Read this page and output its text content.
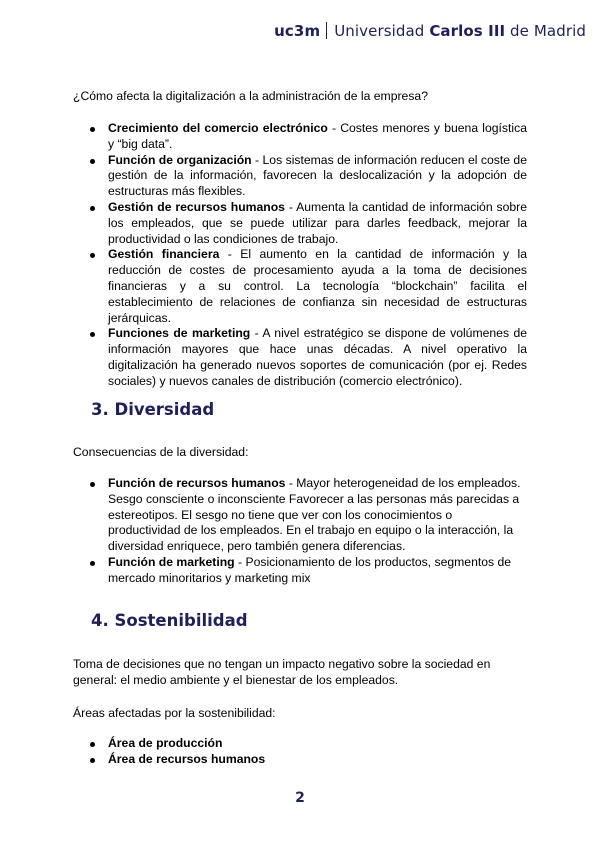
uc3m Universidad Carlos III de Madrid

¿Cómo afecta la digitalización a la administración de la empresa?

Crecimiento del comercio electrónico - Costes menores y buena logística y “big data”.
Función de organización - Los sistemas de información reducen el coste de gestión de la información, favorecen la deslocalización y la adopción de estructuras más flexibles.
Gestión de recursos humanos - Aumenta la cantidad de información sobre los empleados, que se puede utilizar para darles feedback, mejorar la productividad o las condiciones de trabajo.
Gestión financiera - El aumento en la cantidad de información y la reducción de costes de procesamiento ayuda a la toma de decisiones financieras y a su control. La tecnología “blockchain” facilita el establecimiento de relaciones de confianza sin necesidad de estructuras jerárquicas.
Funciones de marketing - A nivel estratégico se dispone de volúmenes de información mayores que hace unas décadas. A nivel operativo la digitalización ha generado nuevos soportes de comunicación (por ej. Redes sociales) y nuevos canales de distribución (comercio electrónico).
3. Diversidad

Consecuencias de la diversidad:

Función de recursos humanos - Mayor heterogeneidad de los empleados. Sesgo consciente o inconsciente Favorecer a las personas más parecidas a estereotipos. El sesgo no tiene que ver con los conocimientos o productividad de los empleados. En el trabajo en equipo o la interacción, la diversidad enriquece, pero también genera diferencias.
Función de marketing - Posicionamiento de los productos, segmentos de mercado minoritarios y marketing mix
4. Sostenibilidad

Toma de decisiones que no tengan un impacto negativo sobre la sociedad en general: el medio ambiente y el bienestar de los empleados.

Áreas afectadas por la sostenibilidad:

Área de producción
Área de recursos humanos
2
